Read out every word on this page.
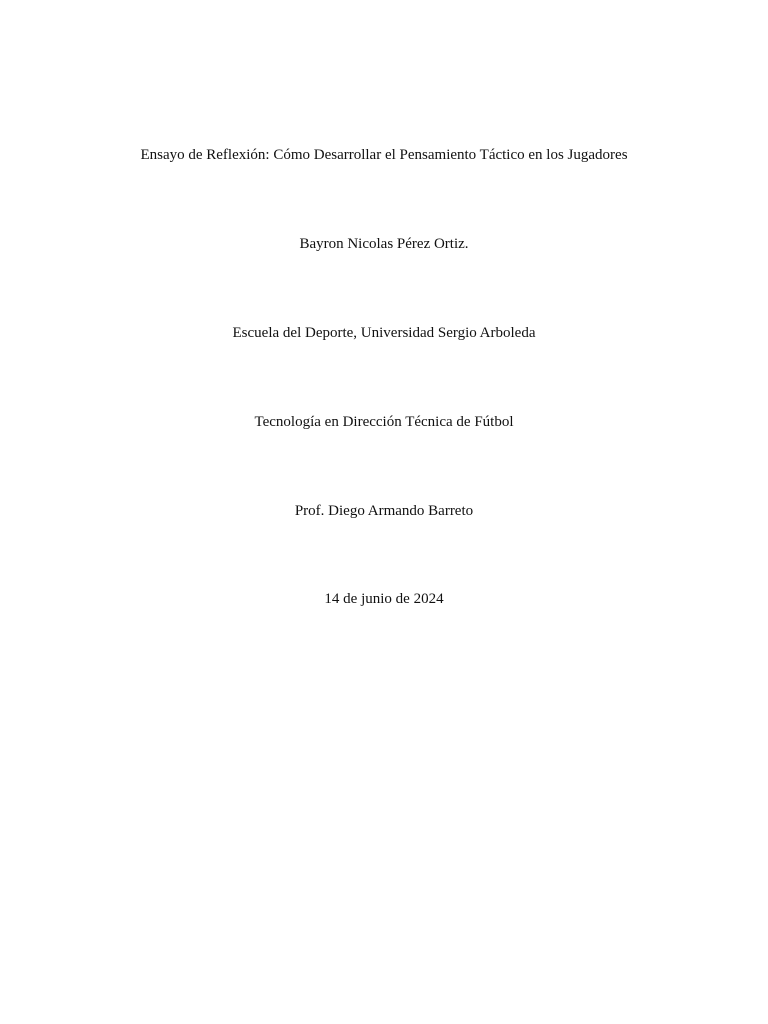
Ensayo de Reflexión: Cómo Desarrollar el Pensamiento Táctico en los Jugadores
Bayron Nicolas Pérez Ortiz.
Escuela del Deporte, Universidad Sergio Arboleda
Tecnología en Dirección Técnica de Fútbol
Prof. Diego Armando Barreto
14 de junio de 2024
